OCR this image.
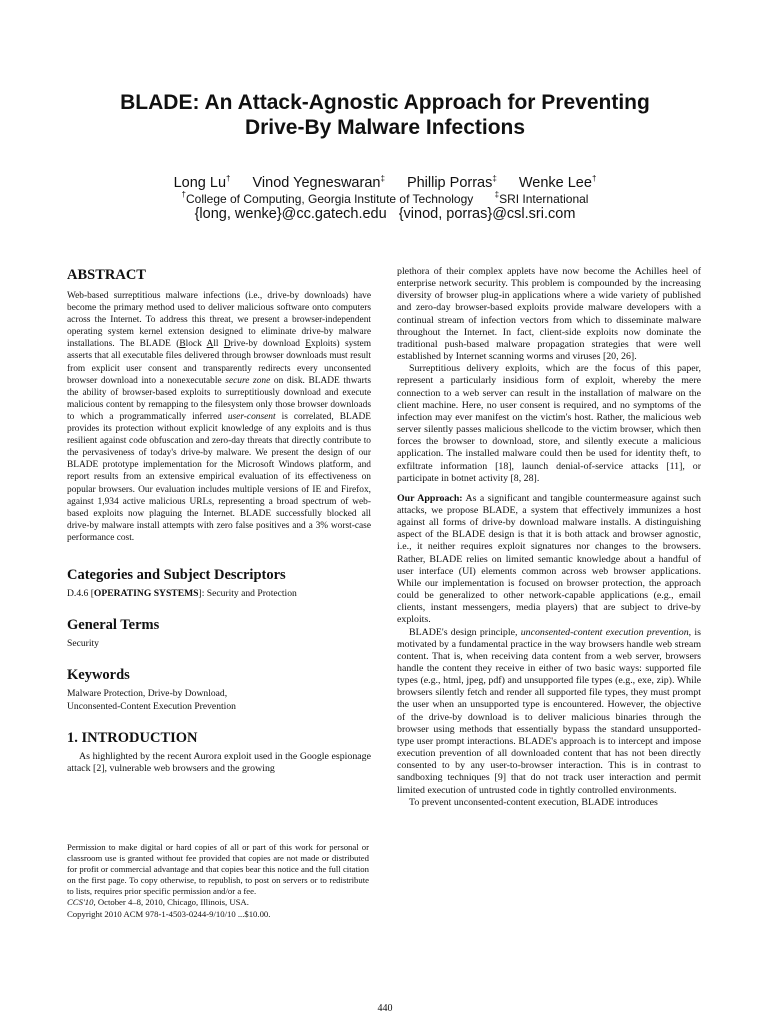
BLADE: An Attack-Agnostic Approach for Preventing
Drive-By Malware Infections
Long Lu† Vinod Yegneswaran‡ Phillip Porras‡ Wenke Lee†
†College of Computing, Georgia Institute of Technology	‡SRI International
{long, wenke}@cc.gatech.edu {vinod, porras}@csl.sri.com
ABSTRACT

Web-based surreptitious malware infections (i.e., drive-by downloads) have become the primary method used to deliver malicious software onto computers across the Internet. To address this threat, we present a browser-independent operating system kernel extension designed to eliminate drive-by malware installations. The BLADE (Block All Drive-by download Exploits) system asserts that all executable files delivered through browser downloads must result from explicit user consent and transparently redirects every unconsented browser download into a nonexecutable secure zone on disk. BLADE thwarts the ability of browser-based exploits to surreptitiously download and execute malicious content by remapping to the filesystem only those browser downloads to which a programmatically inferred user-consent is correlated, BLADE provides its protection without explicit knowledge of any exploits and is thus resilient against code obfuscation and zero-day threats that directly contribute to the pervasiveness of today's drive-by malware. We present the design of our BLADE prototype implementation for the Microsoft Windows platform, and report results from an extensive empirical evaluation of its effectiveness on popular browsers. Our evaluation includes multiple versions of IE and Firefox, against 1,934 active malicious URLs, representing a broad spectrum of web-based exploits now plaguing the Internet. BLADE successfully blocked all drive-by malware install attempts with zero false positives and a 3% worst-case performance cost.

Categories and Subject Descriptors

D.4.6 [OPERATING SYSTEMS]: Security and Protection

General Terms

Security

Keywords

Malware Protection, Drive-by Download,
Unconsented-Content Execution Prevention

1. INTRODUCTION

As highlighted by the recent Aurora exploit used in the Google espionage attack [2], vulnerable web browsers and the growing

Permission to make digital or hard copies of all or part of this work for personal or classroom use is granted without fee provided that copies are not made or distributed for profit or commercial advantage and that copies bear this notice and the full citation on the first page. To copy otherwise, to republish, to post on servers or to redistribute to lists, requires prior specific permission and/or a fee.

CCS'10, October 4–8, 2010, Chicago, Illinois, USA.

Copyright 2010 ACM 978-1-4503-0244-9/10/10 ...$10.00.

plethora of their complex applets have now become the Achilles heel of enterprise network security. This problem is compounded by the increasing diversity of browser plug-in applications where a wide variety of published and zero-day browser-based exploits provide malware developers with a continual stream of infection vectors from which to disseminate malware throughout the Internet. In fact, client-side exploits now dominate the traditional push-based malware propagation strategies that were well established by Internet scanning worms and viruses [20, 26].

Surreptitious delivery exploits, which are the focus of this paper, represent a particularly insidious form of exploit, whereby the mere connection to a web server can result in the installation of malware on the client machine. Here, no user consent is required, and no symptoms of the infection may ever manifest on the victim's host. Rather, the malicious web server silently passes malicious shellcode to the victim browser, which then forces the browser to download, store, and silently execute a malicious application. The installed malware could then be used for identity theft, to exfiltrate information [18], launch denial-of-service attacks [11], or participate in botnet activity [8, 28].

Our Approach: As a significant and tangible countermeasure against such attacks, we propose BLADE, a system that effectively immunizes a host against all forms of drive-by download malware installs. A distinguishing aspect of the BLADE design is that it is both attack and browser agnostic, i.e., it neither requires exploit signatures nor changes to the browsers. Rather, BLADE relies on limited semantic knowledge about a handful of user interface (UI) elements common across web browser applications. While our implementation is focused on browser protection, the approach could be generalized to other network-capable applications (e.g., email clients, instant messengers, media players) that are subject to drive-by exploits.

BLADE's design principle, unconsented-content execution prevention, is motivated by a fundamental practice in the way browsers handle web stream content. That is, when receiving data content from a web server, browsers handle the content they receive in either of two basic ways: supported file types (e.g., html, jpeg, pdf) and unsupported file types (e.g., exe, zip). While browsers silently fetch and render all supported file types, they must prompt the user when an unsupported type is encountered. However, the objective of the drive-by download is to deliver malicious binaries through the browser using methods that essentially bypass the standard unsupported-type user prompt interactions. BLADE's approach is to intercept and impose execution prevention of all downloaded content that has not been directly consented to by any user-to-browser interaction. This is in contrast to sandboxing techniques [9] that do not track user interaction and permit limited execution of untrusted code in tightly controlled environments.

To prevent unconsented-content execution, BLADE introduces

440
